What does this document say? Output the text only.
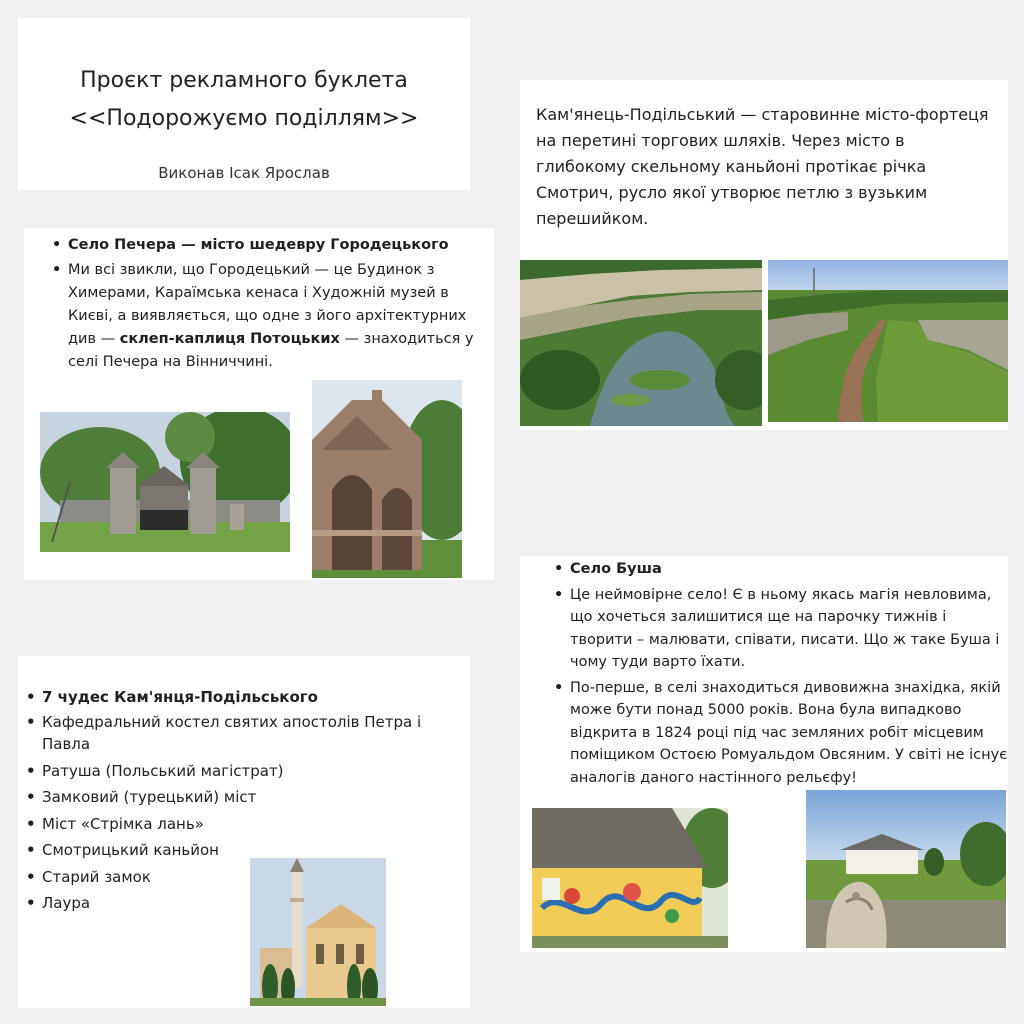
Проєкт рекламного буклета
<<Подорожуємо поділлям>>
Виконав Ісак Ярослав
Кам'янець-Подільський — старовинне місто-фортеця на перетині торгових шляхів. Через місто в глибокому скельному каньйоні протікає річка Смотрич, русло якої утворює петлю з вузьким перешийком.
• Село Печера — місто шедевру Городецького
• Ми всі звикли, що Городецький — це Будинок з Химерами, Караїмська кенаса і Художній музей в Києві, а виявляється, що одне з його архітектурних див — склеп-каплиця Потоцьких — знаходиться у селі Печера на Вінниччині.
• 7 чудес Кам'янця-Подільського
• Кафедральний костел святих апостолів Петра і Павла
• Ратуша (Польський магістрат)
• Замковий (турецький) міст
• Міст «Стрімка лань»
• Смотрицький каньйон
• Старий замок
• Лаура
• Село Буша
• Це неймовірне село! Є в ньому якась магія невловима, що хочеться залишитися ще на парочку тижнів і творити – малювати, співати, писати. Що ж таке Буша і чому туди варто їхати.
• По-перше, в селі знаходиться дивовижна знахідка, якій може бути понад 5000 років. Вона була випадково відкрита в 1824 році під час земляних робіт місцевим поміщиком Остоєю Ромуальдом Овсяним. У світі не існує аналогів даного настінного рельєфу!
